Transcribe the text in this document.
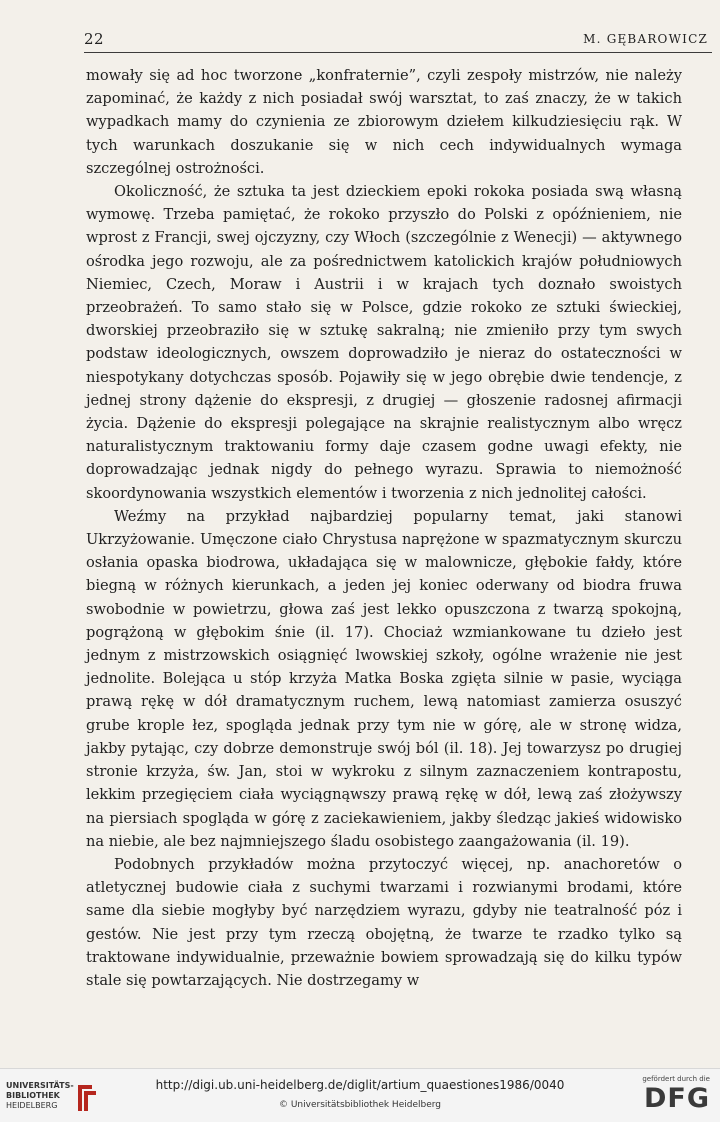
22	M. GĘBAROWICZ

mowały się ad hoc tworzone „konfraternie”, czyli zespoły mistrzów, nie należy zapominać, że każdy z nich posiadał swój warsztat, to zaś znaczy, że w takich wypadkach mamy do czynienia ze zbiorowym dziełem kilkudziesięciu rąk. W tych warunkach doszukanie się w nich cech indywidualnych wymaga szczególnej ostrożności.

Okoliczność, że sztuka ta jest dzieckiem epoki rokoka posiada swą własną wymowę. Trzeba pamiętać, że rokoko przyszło do Polski z opóźnieniem, nie wprost z Francji, swej ojczyzny, czy Włoch (szczególnie z Wenecji) — aktywnego ośrodka jego rozwoju, ale za pośrednictwem katolickich krajów południowych Niemiec, Czech, Moraw i Austrii i w krajach tych doznało swoistych przeobrażeń. To samo stało się w Polsce, gdzie rokoko ze sztuki świeckiej, dworskiej przeobraziło się w sztukę sakralną; nie zmieniło przy tym swych podstaw ideologicznych, owszem doprowadziło je nieraz do ostateczności w niespotykany dotychczas sposób. Pojawiły się w jego obrębie dwie tendencje, z jednej strony dążenie do ekspresji, z drugiej — głoszenie radosnej afirmacji życia. Dążenie do ekspresji polegające na skrajnie realistycznym albo wręcz naturalistycznym traktowaniu formy daje czasem godne uwagi efekty, nie doprowadzając jednak nigdy do pełnego wyrazu. Sprawia to niemożność skoordynowania wszystkich elementów i tworzenia z nich jednolitej całości.

Weźmy na przykład najbardziej popularny temat, jaki stanowi Ukrzyżowanie. Umęczone ciało Chrystusa naprężone w spazmatycznym skurczu osłania opaska biodrowa, układająca się w malownicze, głębokie fałdy, które biegną w różnych kierunkach, a jeden jej koniec oderwany od biodra fruwa swobodnie w powietrzu, głowa zaś jest lekko opuszczona z twarzą spokojną, pogrążoną w głębokim śnie (il. 17). Chociaż wzmiankowane tu dzieło jest jednym z mistrzowskich osiągnięć lwowskiej szkoły, ogólne wrażenie nie jest jednolite. Bolejąca u stóp krzyża Matka Boska zgięta silnie w pasie, wyciąga prawą rękę w dół dramatycznym ruchem, lewą natomiast zamierza osuszyć grube krople łez, spogląda jednak przy tym nie w górę, ale w stronę widza, jakby pytając, czy dobrze demonstruje swój ból (il. 18). Jej towarzysz po drugiej stronie krzyża, św. Jan, stoi w wykroku z silnym zaznaczeniem kontrapostu, lekkim przegięciem ciała wyciągnąwszy prawą rękę w dół, lewą zaś złożywszy na piersiach spogląda w górę z zaciekawieniem, jakby śledząc jakieś widowisko na niebie, ale bez najmniejszego śladu osobistego zaangażowania (il. 19).

Podobnych przykładów można przytoczyć więcej, np. anachoretów o atletycznej budowie ciała z suchymi twarzami i rozwianymi brodami, które same dla siebie mogłyby być narzędziem wyrazu, gdyby nie teatralność póz i gestów. Nie jest przy tym rzeczą obojętną, że twarze te rzadko tylko są traktowane indywidualnie, przeważnie bowiem sprowadzają się do kilku typów stale się powtarzających. Nie dostrzegamy w

UNIVERSITÄTS-
BIBLIOTHEK
HEIDELBERG
http://digi.ub.uni-heidelberg.de/diglit/artium_quaestiones1986/0040
© Universitätsbibliothek Heidelberg
gefördert durch die
DFG
